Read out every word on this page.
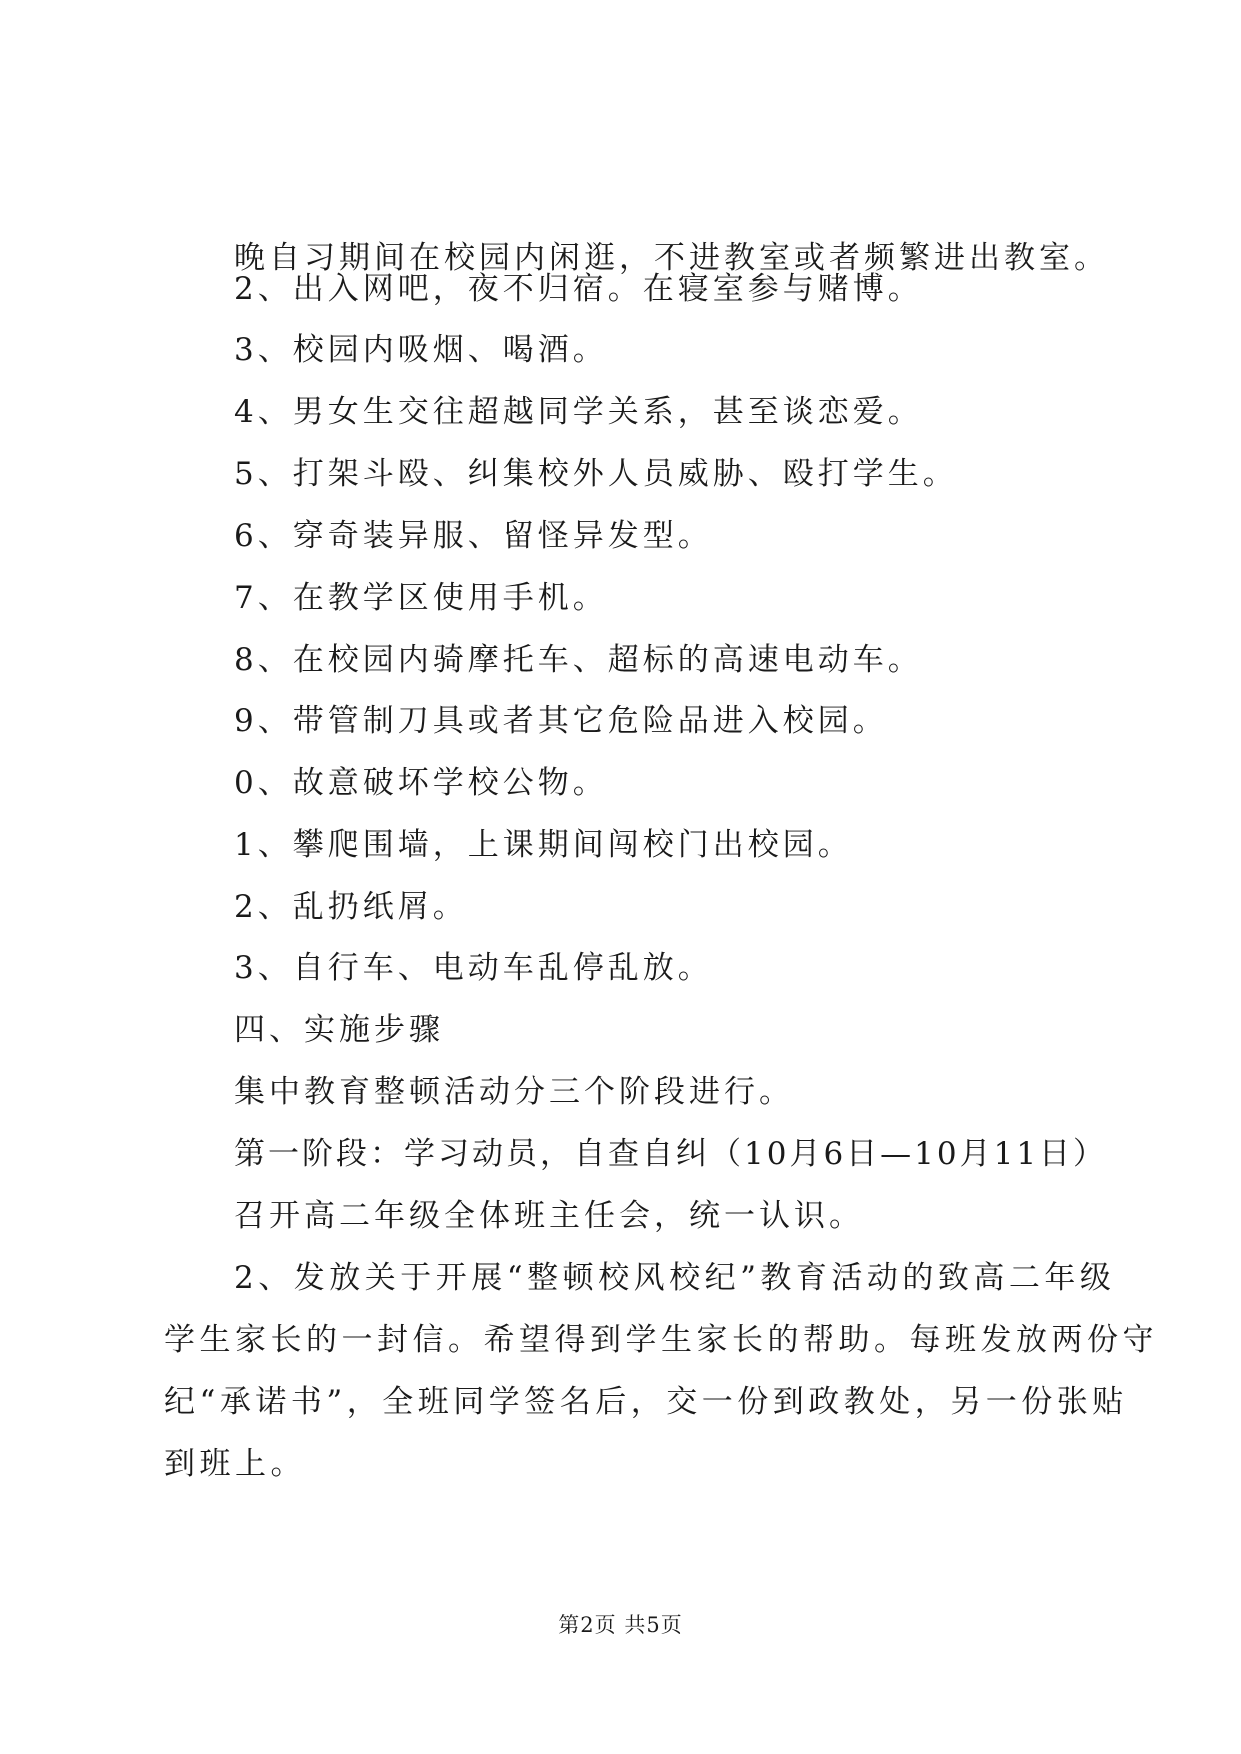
晚自习期间在校园内闲逛，不进教室或者频繁进出教室。
2、出入网吧，夜不归宿。在寝室参与赌博。
3、校园内吸烟、喝酒。
4、男女生交往超越同学关系，甚至谈恋爱。
5、打架斗殴、纠集校外人员威胁、殴打学生。
6、穿奇装异服、留怪异发型。
7、在教学区使用手机。
8、在校园内骑摩托车、超标的高速电动车。
9、带管制刀具或者其它危险品进入校园。
0、故意破坏学校公物。
1、攀爬围墙，上课期间闯校门出校园。
2、乱扔纸屑。
3、自行车、电动车乱停乱放。
四、实施步骤
集中教育整顿活动分三个阶段进行。
第一阶段：学习动员，自查自纠（10月6日—10月11日）
召开高二年级全体班主任会，统一认识。
2、发放关于开展“整顿校风校纪”教育活动的致高二年级
学生家长的一封信。希望得到学生家长的帮助。每班发放两份守
纪“承诺书”，全班同学签名后，交一份到政教处，另一份张贴
到班上。
第2页 共5页
